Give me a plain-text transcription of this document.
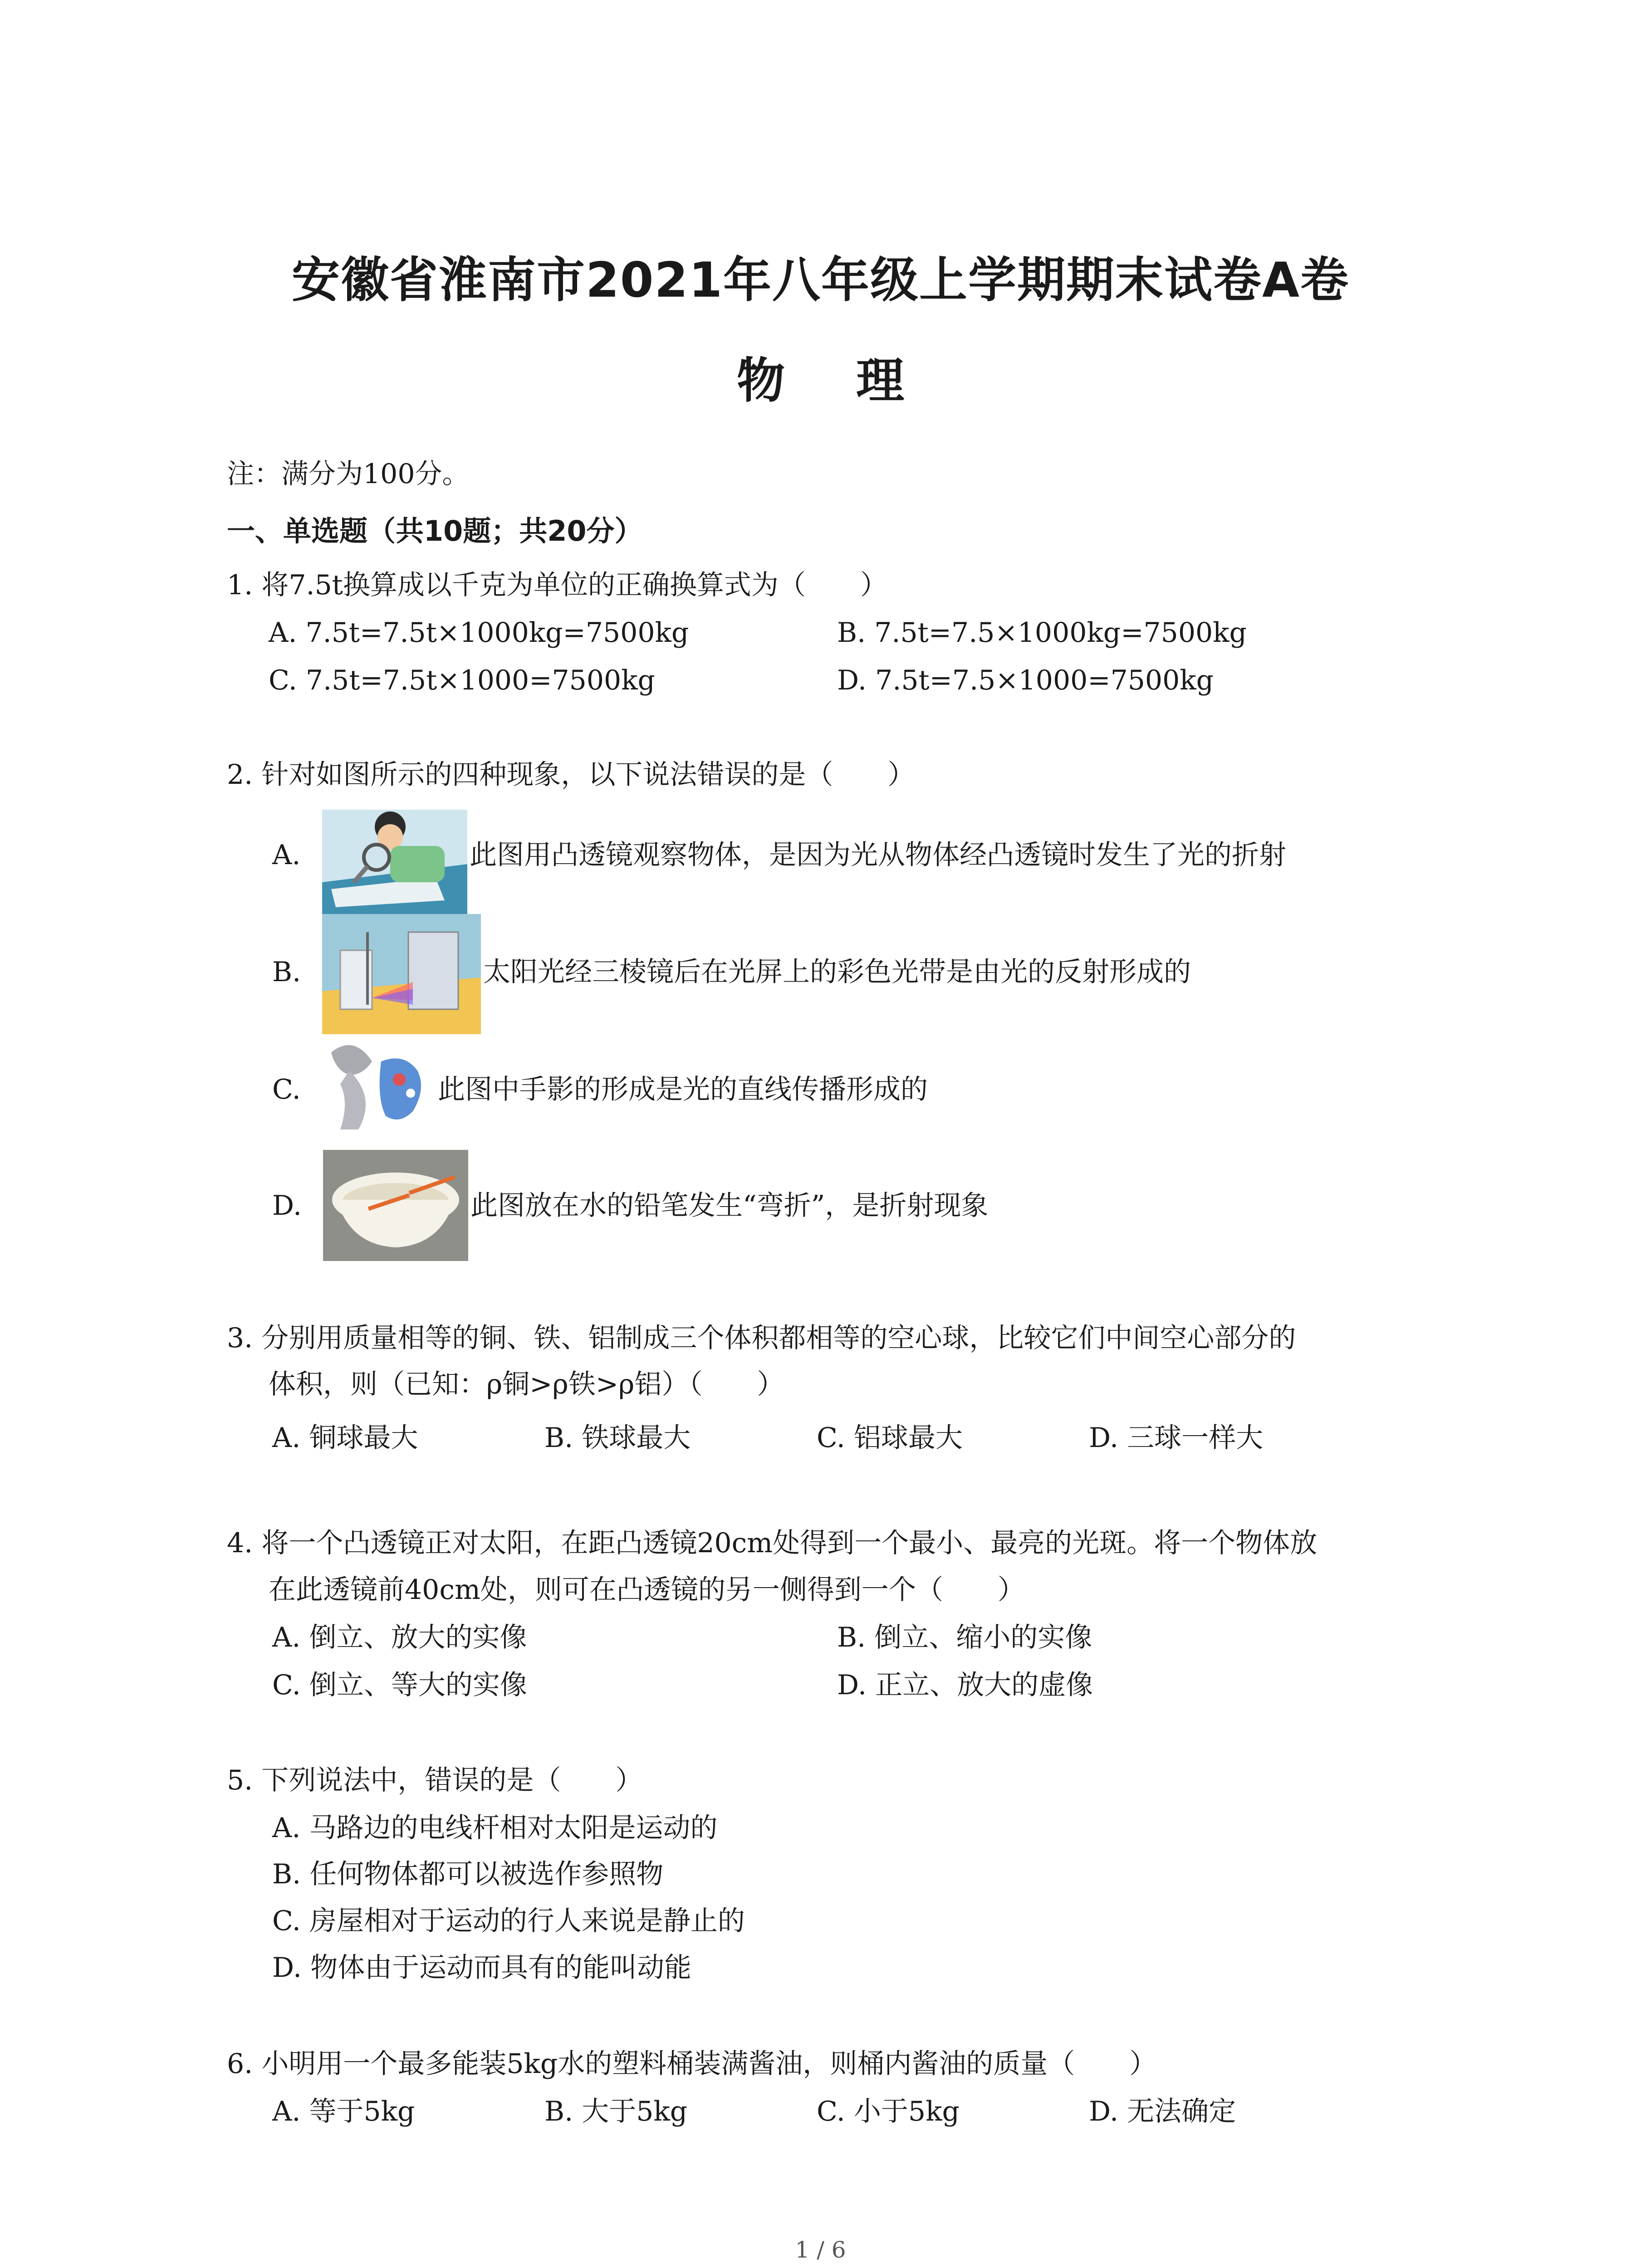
安徽省淮南市2021年八年级上学期期末试卷A卷
物 理
注：满分为100分。
一、单选题（共10题；共20分）
1. 将7.5t换算成以千克为单位的正确换算式为（　　）
A. 7.5t=7.5t×1000kg=7500kg	B. 7.5t=7.5×1000kg=7500kg
C. 7.5t=7.5t×1000=7500kg	D. 7.5t=7.5×1000=7500kg
2. 针对如图所示的四种现象，以下说法错误的是（　　）
A.	此图用凸透镜观察物体，是因为光从物体经凸透镜时发生了光的折射
B.	太阳光经三棱镜后在光屏上的彩色光带是由光的反射形成的
C.	此图中手影的形成是光的直线传播形成的
D.	此图放在水的铅笔发生“弯折”，是折射现象
3. 分别用质量相等的铜、铁、铝制成三个体积都相等的空心球，比较它们中间空心部分的
体积，则（已知：ρ铜>ρ铁>ρ铝）（　　）
A. 铜球最大	B. 铁球最大	C. 铝球最大	D. 三球一样大
4. 将一个凸透镜正对太阳，在距凸透镜20cm处得到一个最小、最亮的光斑。将一个物体放
在此透镜前40cm处，则可在凸透镜的另一侧得到一个（　　）
A. 倒立、放大的实像	B. 倒立、缩小的实像
C. 倒立、等大的实像	D. 正立、放大的虚像
5. 下列说法中，错误的是（　　）
A. 马路边的电线杆相对太阳是运动的
B. 任何物体都可以被选作参照物
C. 房屋相对于运动的行人来说是静止的
D. 物体由于运动而具有的能叫动能
6. 小明用一个最多能装5kg水的塑料桶装满酱油，则桶内酱油的质量（　　）
A. 等于5kg	B. 大于5kg	C. 小于5kg	D. 无法确定
1 / 6
